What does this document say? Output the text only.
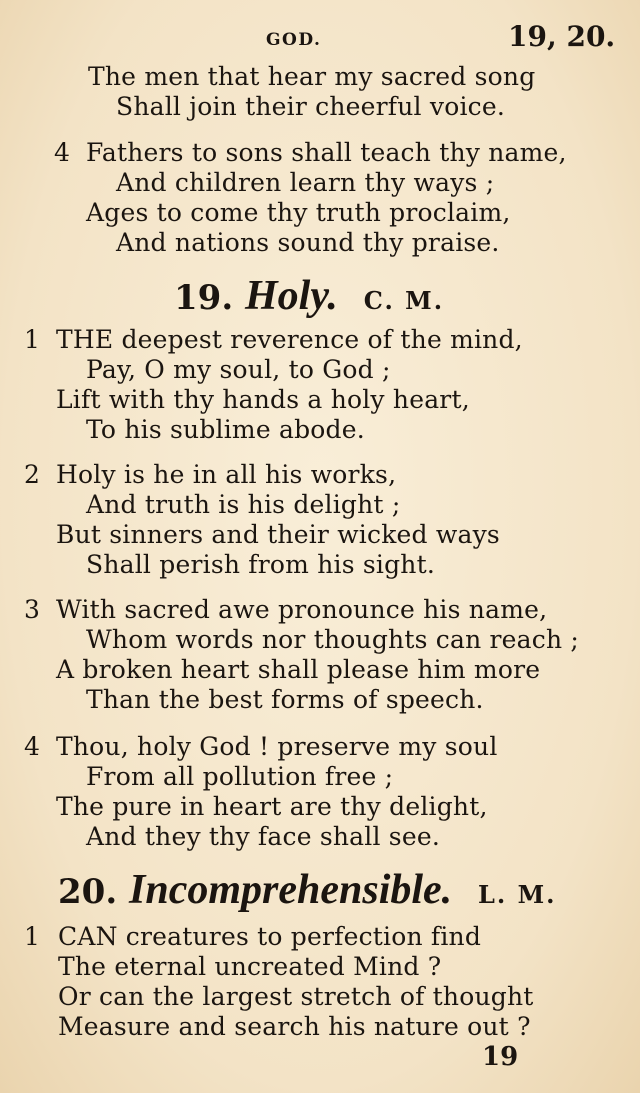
GOD.	19, 20.
The men that hear my sacred song
Shall join their cheerful voice.
4 Fathers to sons shall teach thy name,
And children learn thy ways ;
Ages to come thy truth proclaim,
And nations sound thy praise.
19. Holy. C. M.
1 THE deepest reverence of the mind,
Pay, O my soul, to God ;
Lift with thy hands a holy heart,
To his sublime abode.
2 Holy is he in all his works,
And truth is his delight ;
But sinners and their wicked ways
Shall perish from his sight.
3 With sacred awe pronounce his name,
Whom words nor thoughts can reach ;
A broken heart shall please him more
Than the best forms of speech.
4 Thou, holy God ! preserve my soul
From all pollution free ;
The pure in heart are thy delight,
And they thy face shall see.
20. Incomprehensible. L. M.
1 CAN creatures to perfection find
The eternal uncreated Mind ?
Or can the largest stretch of thought
Measure and search his nature out ?
19
